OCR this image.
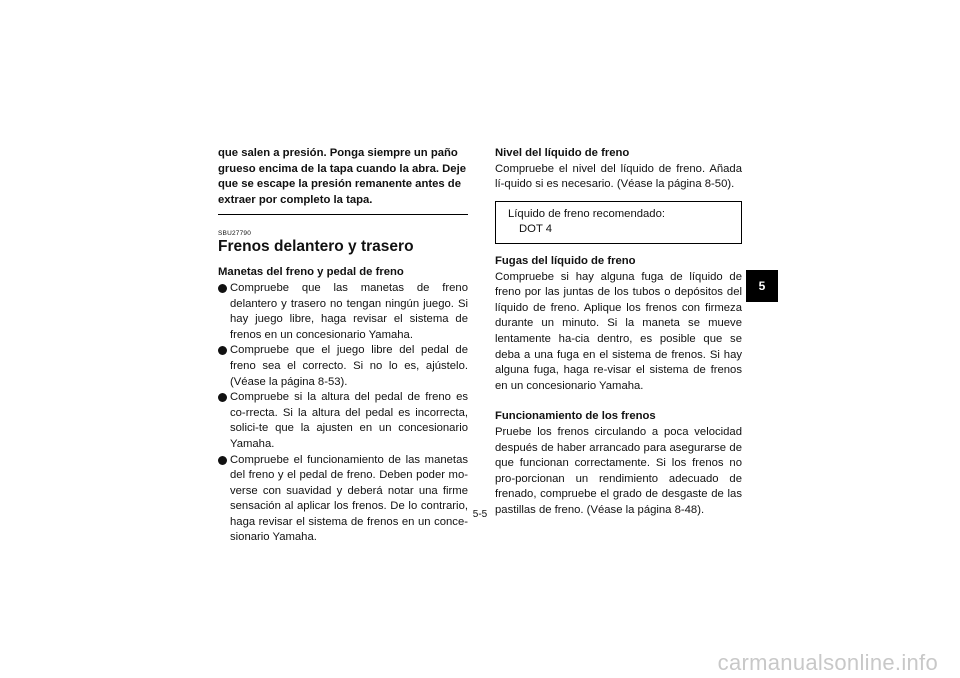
que salen a presión. Ponga siempre un paño
grueso encima de la tapa cuando la abra. Deje
que se escape la presión remanente antes de
extraer por completo la tapa.

SBU27790
Frenos delantero y trasero

Manetas del freno y pedal de freno

Compruebe que las manetas de freno delantero y trasero no tengan ningún juego. Si hay juego libre, haga revisar el sistema de frenos en un concesionario Yamaha.
Compruebe que el juego libre del pedal de freno sea el correcto. Si no lo es, ajústelo. (Véase la página 8-53).
Compruebe si la altura del pedal de freno es co-rrecta. Si la altura del pedal es incorrecta, solici-te que la ajusten en un concesionario Yamaha.
Compruebe el funcionamiento de las manetas del freno y el pedal de freno. Deben poder mo-verse con suavidad y deberá notar una firme sensación al aplicar los frenos. De lo contrario, haga revisar el sistema de frenos en un conce-sionario Yamaha.

Nivel del líquido de freno

Compruebe el nivel del líquido de freno. Añada lí-quido si es necesario. (Véase la página 8-50).

Líquido de freno recomendado:
DOT 4

Fugas del líquido de freno

Compruebe si hay alguna fuga de líquido de freno por las juntas de los tubos o depósitos del líquido de freno. Aplique los frenos con firmeza durante un minuto. Si la maneta se mueve lentamente ha-cia dentro, es posible que se deba a una fuga en el sistema de frenos. Si hay alguna fuga, haga re-visar el sistema de frenos en un concesionario Yamaha.

Funcionamiento de los frenos

Pruebe los frenos circulando a poca velocidad después de haber arrancado para asegurarse de que funcionan correctamente. Si los frenos no pro-porcionan un rendimiento adecuado de frenado, compruebe el grado de desgaste de las pastillas de freno. (Véase la página 8-48).

5
5-5
carmanualsonline.info
